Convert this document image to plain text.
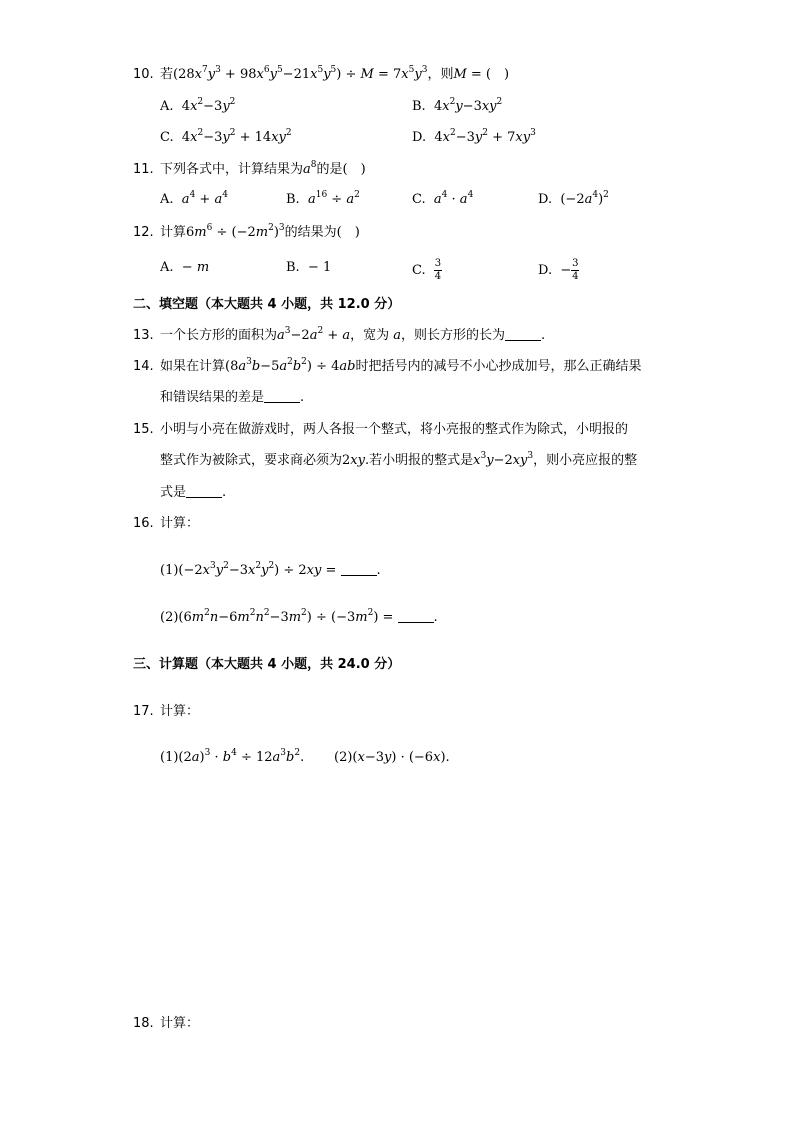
10. 若$(28x^7y^3 + 98x^6y^5-21x^5y^5) \div M = 7x^5y^3$，则M = (　)
A.  $4x^2-3y^2$	B.  $4x^2y-3xy^2$
C.  $4x^2-3y^2 + 14xy^2$	D.  $4x^2-3y^2 + 7xy^3$
11. 下列各式中，计算结果为$a^8$的是(　)
A.  $a^4 + a^4$	B.  $a^{16} \div a^2$	C.  $a^4 \cdot a^4$	D.  $(-2a^4)^2$
12. 计算$6m^6 \div (-2m^2)^3$的结果为(　)
A.  − m	B.  − 1	C. $\frac{3}{4}$	D.  − $\frac{3}{4}$
二、填空题（本大题共 4 小题，共 12.0 分）
13. 一个长方形的面积为$a^3-2a^2 + a$，宽为 a，则长方形的长为	.
14. 如果在计算$(8a^3b-5a^2b^2) \div 4ab$时把括号内的减号不小心抄成加号，那么正确结果
和错误结果的差是	.
15. 小明与小亮在做游戏时，两人各报一个整式，将小亮报的整式作为除式，小明报的
整式作为被除式，要求商必须为2xy.若小明报的整式是$x^3y-2xy^3$，则小亮应报的整
式是	.
16. 计算：
$(1)(-2x^3y^2-3x^2y^2) \div 2xy$ =	.
$(2)(6m^2n-6m^2n^2-3m^2) \div (-3m^2)$ =	.
三、计算题（本大题共 4 小题，共 24.0 分）
17. 计算：
$(1)(2a)^3 \cdot b^4 \div 12a^3b^2$. (2)(x−3y) · (−6x).
18. 计算：
